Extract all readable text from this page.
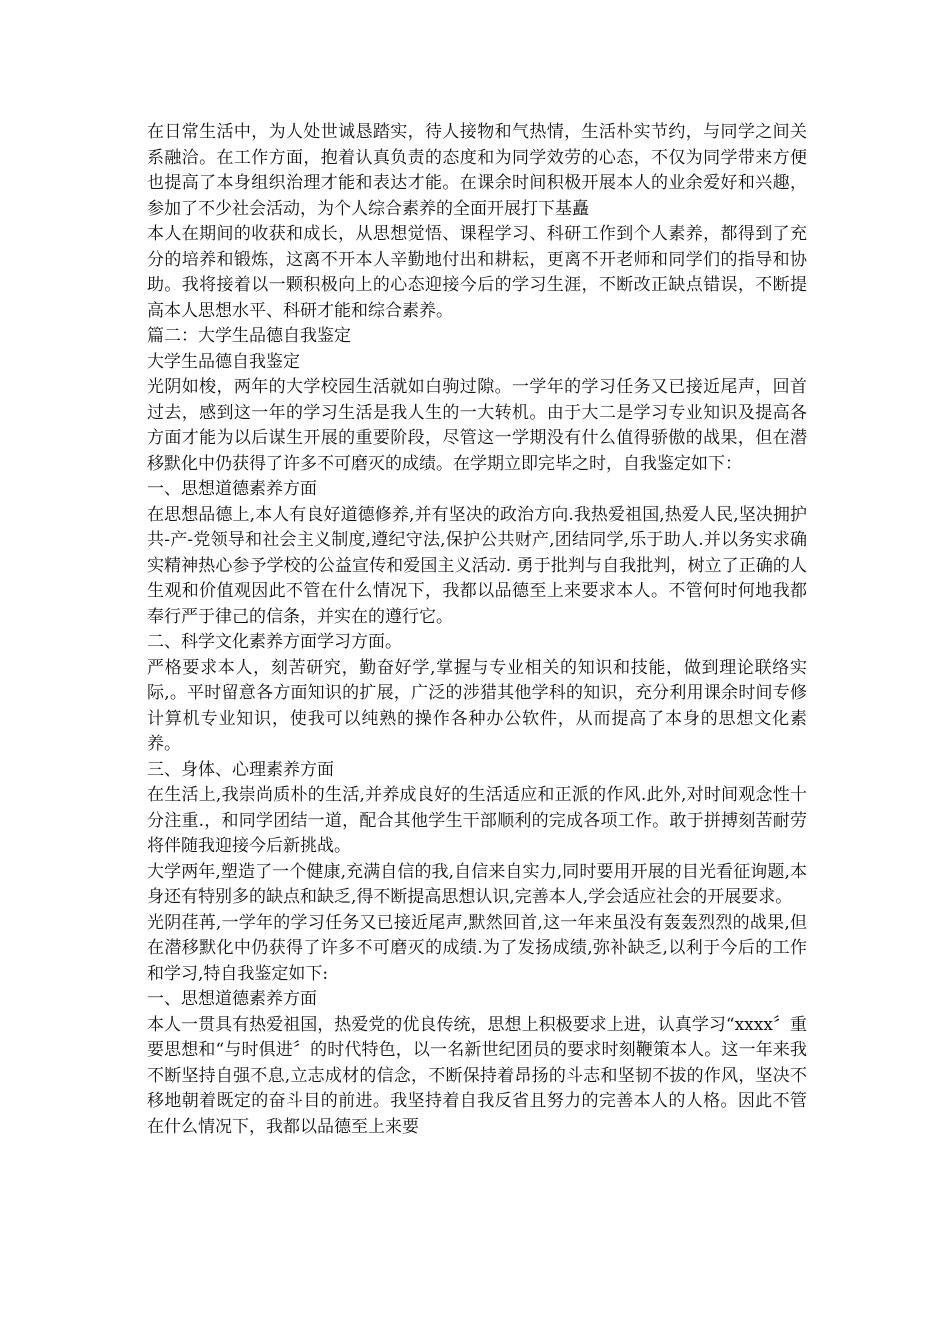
在日常生活中，为人处世诚恳踏实，待人接物和气热情，生活朴实节约，与同学之间关系融洽。在工作方面，抱着认真负责的态度和为同学效劳的心态，不仅为同学带来方便也提高了本身组织治理才能和表达才能。在课余时间积极开展本人的业余爱好和兴趣，参加了不少社会活动，为个人综合素养的全面开展打下基矗

本人在期间的收获和成长，从思想觉悟、课程学习、科研工作到个人素养，都得到了充分的培养和锻炼，这离不开本人辛勤地付出和耕耘，更离不开老师和同学们的指导和协助。我将接着以一颗积极向上的心态迎接今后的学习生涯，不断改正缺点错误，不断提高本人思想水平、科研才能和综合素养。

篇二：大学生品德自我鉴定

大学生品德自我鉴定

光阴如梭，两年的大学校园生活就如白驹过隙。一学年的学习任务又已接近尾声，回首过去，感到这一年的学习生活是我人生的一大转机。由于大二是学习专业知识及提高各方面才能为以后谋生开展的重要阶段，尽管这一学期没有什么值得骄傲的战果，但在潜移默化中仍获得了许多不可磨灭的成绩。在学期立即完毕之时，自我鉴定如下：

一、思想道德素养方面

在思想品德上,本人有良好道德修养,并有坚决的政治方向.我热爱祖国,热爱人民,坚决拥护共-产-党领导和社会主义制度,遵纪守法,保护公共财产,团结同学,乐于助人.并以务实求确实精神热心参予学校的公益宣传和爱国主义活动. 勇于批判与自我批判，树立了正确的人生观和价值观因此不管在什么情况下，我都以品德至上来要求本人。不管何时何地我都奉行严于律己的信条，并实在的遵行它。

二、科学文化素养方面学习方面。

严格要求本人，刻苦研究，勤奋好学,掌握与专业相关的知识和技能，做到理论联络实际,。平时留意各方面知识的扩展，广泛的涉猎其他学科的知识，充分利用课余时间专修计算机专业知识，使我可以纯熟的操作各种办公软件，从而提高了本身的思想文化素养。

三、身体、心理素养方面

在生活上,我崇尚质朴的生活,并养成良好的生活适应和正派的作风.此外,对时间观念性十分注重.，和同学团结一道，配合其他学生干部顺利的完成各项工作。敢于拼搏刻苦耐劳将伴随我迎接今后新挑战。

大学两年,塑造了一个健康,充满自信的我,自信来自实力,同时要用开展的目光看征询题,本身还有特别多的缺点和缺乏,得不断提高思想认识,完善本人,学会适应社会的开展要求。

光阴荏苒,一学年的学习任务又已接近尾声,默然回首,这一年来虽没有轰轰烈烈的战果,但在潜移默化中仍获得了许多不可磨灭的成绩.为了发扬成绩,弥补缺乏,以利于今后的工作和学习,特自我鉴定如下:

一、思想道德素养方面

本人一贯具有热爱祖国，热爱党的优良传统，思想上积极要求上进，认真学习“xxxx〞重要思想和“与时俱进〞的时代特色，以一名新世纪团员的要求时刻鞭策本人。这一年来我不断坚持自强不息,立志成材的信念，不断保持着昂扬的斗志和坚韧不拔的作风，坚决不移地朝着既定的奋斗目的前进。我坚持着自我反省且努力的完善本人的人格。因此不管在什么情况下，我都以品德至上来要
